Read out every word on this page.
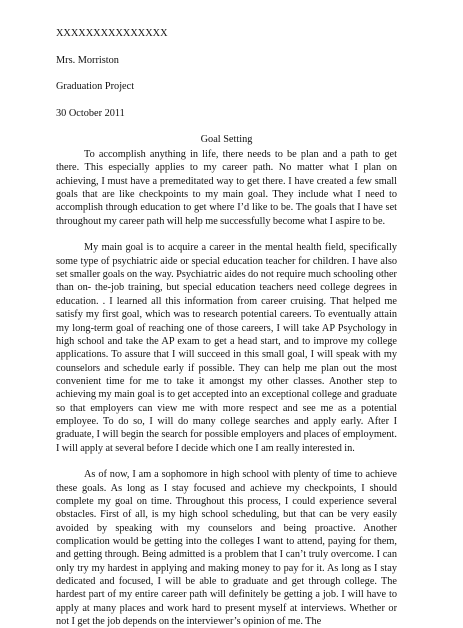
XXXXXXXXXXXXXXX
Mrs. Morriston
Graduation Project
30 October 2011
Goal Setting

To accomplish anything in life, there needs to be plan and a path to get there. This especially applies to my career path. No matter what I plan on achieving, I must have a premeditated way to get there. I have created a few small goals that are like checkpoints to my main goal. They include what I need to accomplish through education to get where I’d like to be. The goals that I have set throughout my career path will help me successfully become what I aspire to be.

My main goal is to acquire a career in the mental health field, specifically some type of psychiatric aide or special education teacher for children. I have also set smaller goals on the way. Psychiatric aides do not require much schooling other than on- the-job training, but special education teachers need college degrees in education. . I learned all this information from career cruising. That helped me satisfy my first goal, which was to research potential careers. To eventually attain my long-term goal of reaching one of those careers, I will take AP Psychology in high school and take the AP exam to get a head start, and to improve my college applications. To assure that I will succeed in this small goal, I will speak with my counselors and schedule early if possible. They can help me plan out the most convenient time for me to take it amongst my other classes. Another step to achieving my main goal is to get accepted into an exceptional college and graduate so that employers can view me with more respect and see me as a potential employee. To do so, I will do many college searches and apply early. After I graduate, I will begin the search for possible employers and places of employment. I will apply at several before I decide which one I am really interested in.

As of now, I am a sophomore in high school with plenty of time to achieve these goals. As long as I stay focused and achieve my checkpoints, I should complete my goal on time. Throughout this process, I could experience several obstacles. First of all, is my high school scheduling, but that can be very easily avoided by speaking with my counselors and being proactive. Another complication would be getting into the colleges I want to attend, paying for them, and getting through. Being admitted is a problem that I can’t truly overcome. I can only try my hardest in applying and making money to pay for it. As long as I stay dedicated and focused, I will be able to graduate and get through college. The hardest part of my entire career path will definitely be getting a job. I will have to apply at many places and work hard to present myself at interviews. Whether or not I get the job depends on the interviewer’s opinion of me. The
